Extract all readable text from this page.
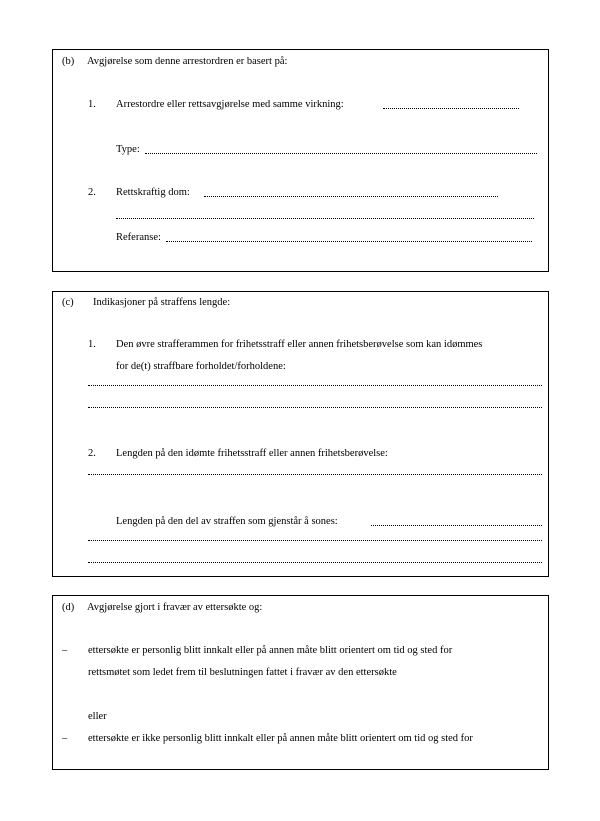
(b) Avgjørelse som denne arrestordren er basert på:
1. Arrestordre eller rettsavgjørelse med samme virkning:
Type:
2. Rettskraftig dom:
Referanse:
(c) Indikasjoner på straffens lengde:
1. Den øvre strafferammen for frihetsstraff eller annen frihetsberøvelse som kan idømmes
for de(t) straffbare forholdet/forholdene:
2. Lengden på den idømte frihetsstraff eller annen frihetsberøvelse:
Lengden på den del av straffen som gjenstår å sones:
(d) Avgjørelse gjort i fravær av ettersøkte og:
– ettersøkte er personlig blitt innkalt eller på annen måte blitt orientert om tid og sted for
rettsmøtet som ledet frem til beslutningen fattet i fravær av den ettersøkte
eller
– ettersøkte er ikke personlig blitt innkalt eller på annen måte blitt orientert om tid og sted for
